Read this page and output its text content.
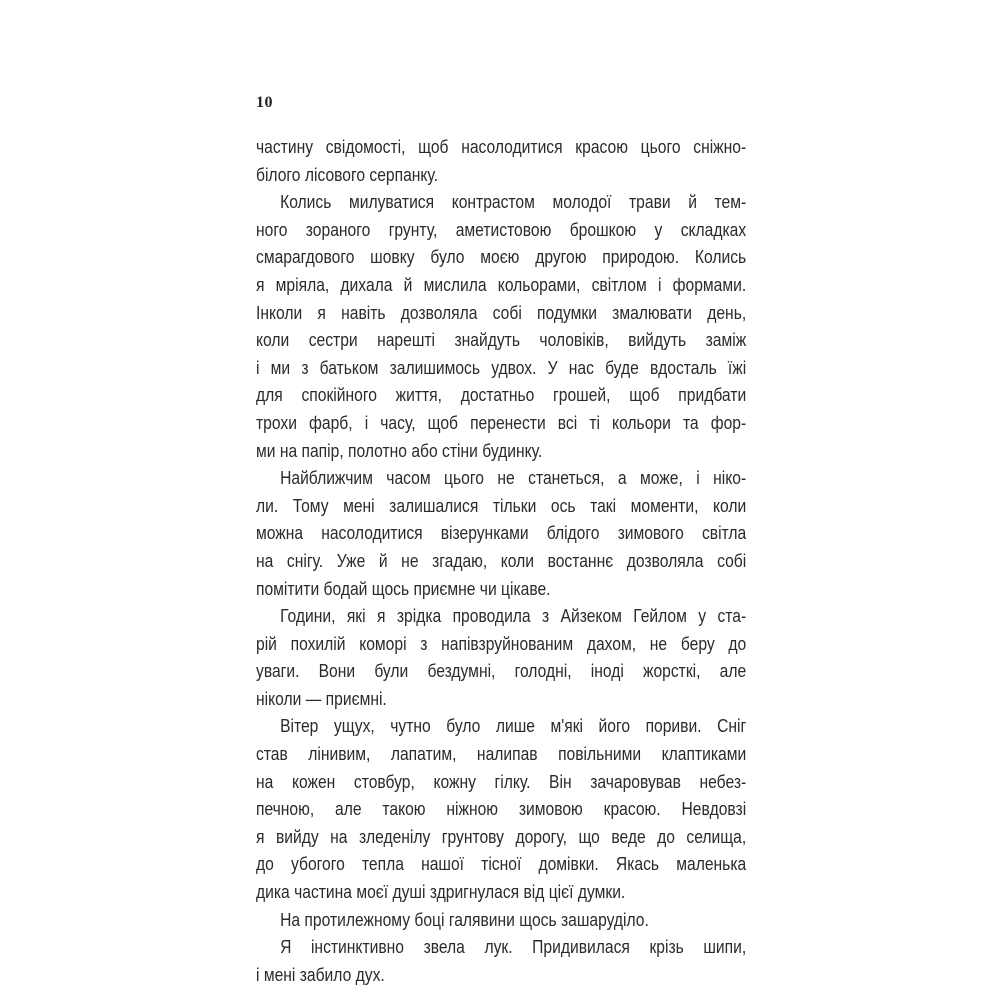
10

частину свідомості, щоб насолодитися красою цього сніжно-
білого лісового серпанку.

Колись милуватися контрастом молодої трави й тем-
ного зораного грунту, аметистовою брошкою у складках
смарагдового шовку було моєю другою природою. Колись
я мріяла, дихала й мислила кольорами, світлом і формами.
Інколи я навіть дозволяла собі подумки змалювати день,
коли сестри нарешті знайдуть чоловіків, вийдуть заміж
і ми з батьком залишимось удвох. У нас буде вдосталь їжі
для спокійного життя, достатньо грошей, щоб придбати
трохи фарб, і часу, щоб перенести всі ті кольори та фор-
ми на папір, полотно або стіни будинку.

Найближчим часом цього не станеться, а може, і ніко-
ли. Тому мені залишалися тільки ось такі моменти, коли
можна насолодитися візерунками блідого зимового світла
на снігу. Уже й не згадаю, коли востаннє дозволяла собі
помітити бодай щось приємне чи цікаве.

Години, які я зрідка проводила з Айзеком Гейлом у ста-
рій похилій коморі з напівзруйнованим дахом, не беру до
уваги. Вони були бездумні, голодні, іноді жорсткі, але
ніколи — приємні.

Вітер ущух, чутно було лише м'які його пориви. Сніг
став лінивим, лапатим, налипав повільними клаптиками
на кожен стовбур, кожну гілку. Він зачаровував небез-
печною, але такою ніжною зимовою красою. Невдовзі
я вийду на зледенілу грунтову дорогу, що веде до селища,
до убогого тепла нашої тісної домівки. Якась маленька
дика частина моєї душі здригнулася від цієї думки.

На протилежному боці галявини щось зашаруділо.

Я інстинктивно звела лук. Придивилася крізь шипи,
і мені забило дух.
